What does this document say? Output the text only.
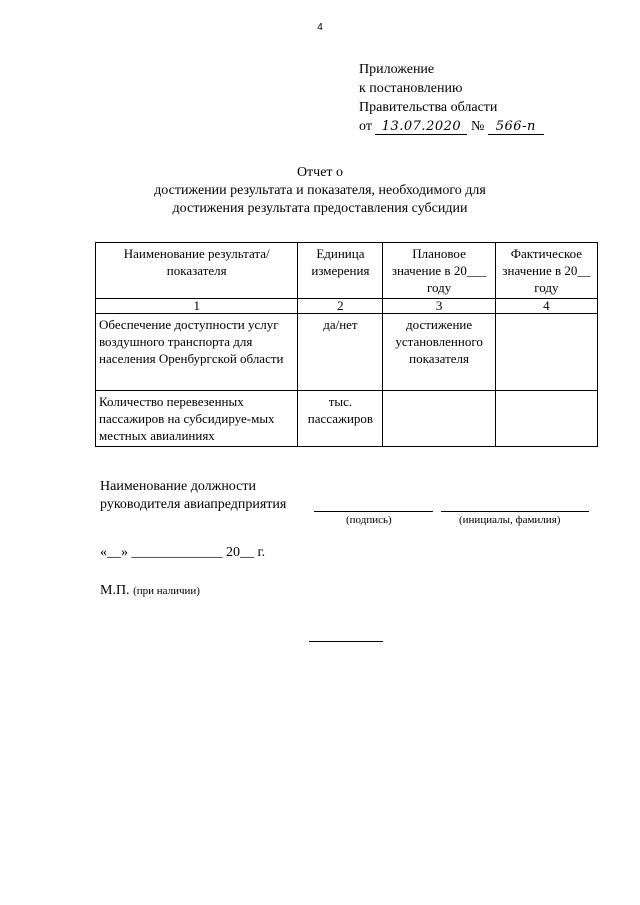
4
Приложение
к постановлению
Правительства области
от 13.07.2020 № 566-п
Отчет о
достижении результата и показателя, необходимого для
достижения результата предоставления субсидии
Наименование результата/показателя	Единица измерения	Плановое значение в 20___ году	Фактическое значение в 20__ году
1	2	3	4
Обеспечение доступности услуг воздушного транспорта для населения Оренбургской области	да/нет	достижение установленного показателя	
Количество перевезенных пассажиров на субсидируе-мых местных авиалиниях	тыс. пассажиров		
Наименование должности
руководителя авиапредприятия
(подпись)	(инициалы, фамилия)
«__» _____________ 20__ г.
М.П. (при наличии)
